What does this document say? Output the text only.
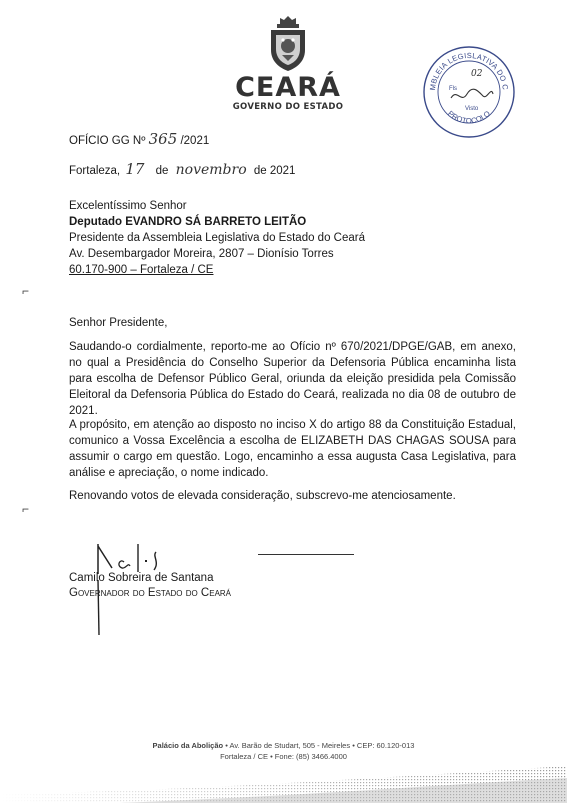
CEARÁ
GOVERNO DO ESTADO
MBLEIA LEGISLATIVA DO C
PROTOCOLO
Fls
02
Visto
OFÍCIO GG Nº 365 /2021
Fortaleza, 17 de novembro de 2021
Excelentíssimo Senhor
Deputado EVANDRO SÁ BARRETO LEITÃO
Presidente da Assembleia Legislativa do Estado do Ceará
Av. Desembargador Moreira, 2807 – Dionísio Torres
60.170-900 – Fortaleza / CE
⌐
⌐
Senhor Presidente,
Saudando-o cordialmente, reporto-me ao Ofício nº 670/2021/DPGE/GAB, em anexo, no qual a Presidência do Conselho Superior da Defensoria Pública encaminha lista para escolha de Defensor Público Geral, oriunda da eleição presidida pela Comissão Eleitoral da Defensoria Pública do Estado do Ceará, realizada no dia 08 de outubro de 2021.
A propósito, em atenção ao disposto no inciso X do artigo 88 da Constituição Estadual, comunico a Vossa Excelência a escolha de ELIZABETH DAS CHAGAS SOUSA para assumir o cargo em questão. Logo, encaminho a essa augusta Casa Legislativa, para análise e apreciação, o nome indicado.
Renovando votos de elevada consideração, subscrevo-me atenciosamente.
Camilo Sobreira de Santana
Governador do Estado do Ceará
Palácio da Abolição • Av. Barão de Studart, 505 - Meireles • CEP: 60.120-013
Fortaleza / CE • Fone: (85) 3466.4000
